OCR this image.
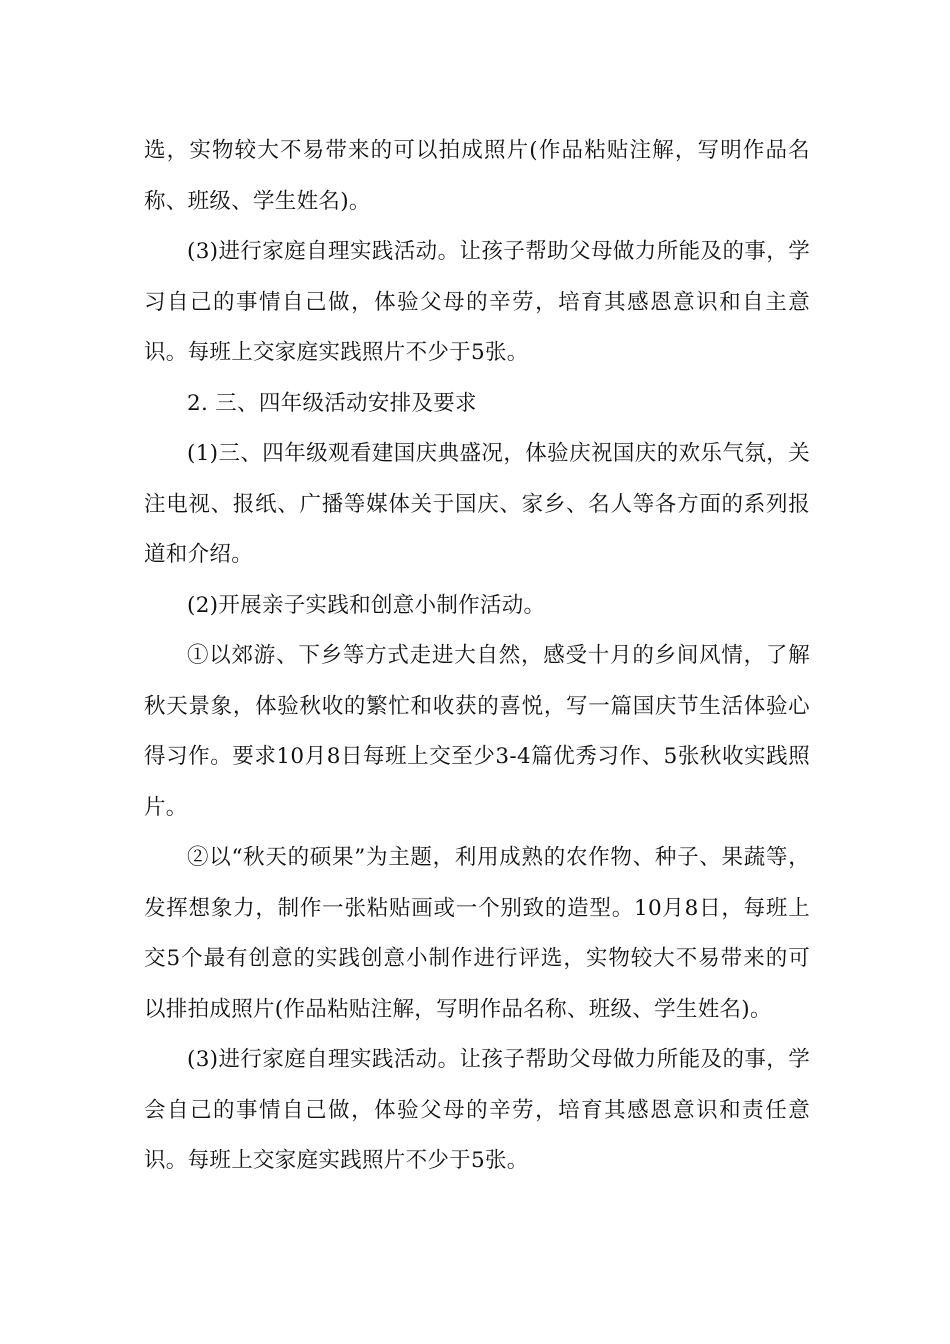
选，实物较大不易带来的可以拍成照片(作品粘贴注解，写明作品名称、班级、学生姓名)。

(3)进行家庭自理实践活动。让孩子帮助父母做力所能及的事，学习自己的事情自己做，体验父母的辛劳，培育其感恩意识和自主意识。每班上交家庭实践照片不少于5张。

2. 三、四年级活动安排及要求

(1)三、四年级观看建国庆典盛况，体验庆祝国庆的欢乐气氛，关注电视、报纸、广播等媒体关于国庆、家乡、名人等各方面的系列报道和介绍。

(2)开展亲子实践和创意小制作活动。

①以郊游、下乡等方式走进大自然，感受十月的乡间风情，了解秋天景象，体验秋收的繁忙和收获的喜悦，写一篇国庆节生活体验心得习作。要求10月8日每班上交至少3-4篇优秀习作、5张秋收实践照片。

②以“秋天的硕果”为主题，利用成熟的农作物、种子、果蔬等，发挥想象力，制作一张粘贴画或一个别致的造型。10月8日，每班上交5个最有创意的实践创意小制作进行评选，实物较大不易带来的可以排拍成照片(作品粘贴注解，写明作品名称、班级、学生姓名)。

(3)进行家庭自理实践活动。让孩子帮助父母做力所能及的事，学会自己的事情自己做，体验父母的辛劳，培育其感恩意识和责任意识。每班上交家庭实践照片不少于5张。
